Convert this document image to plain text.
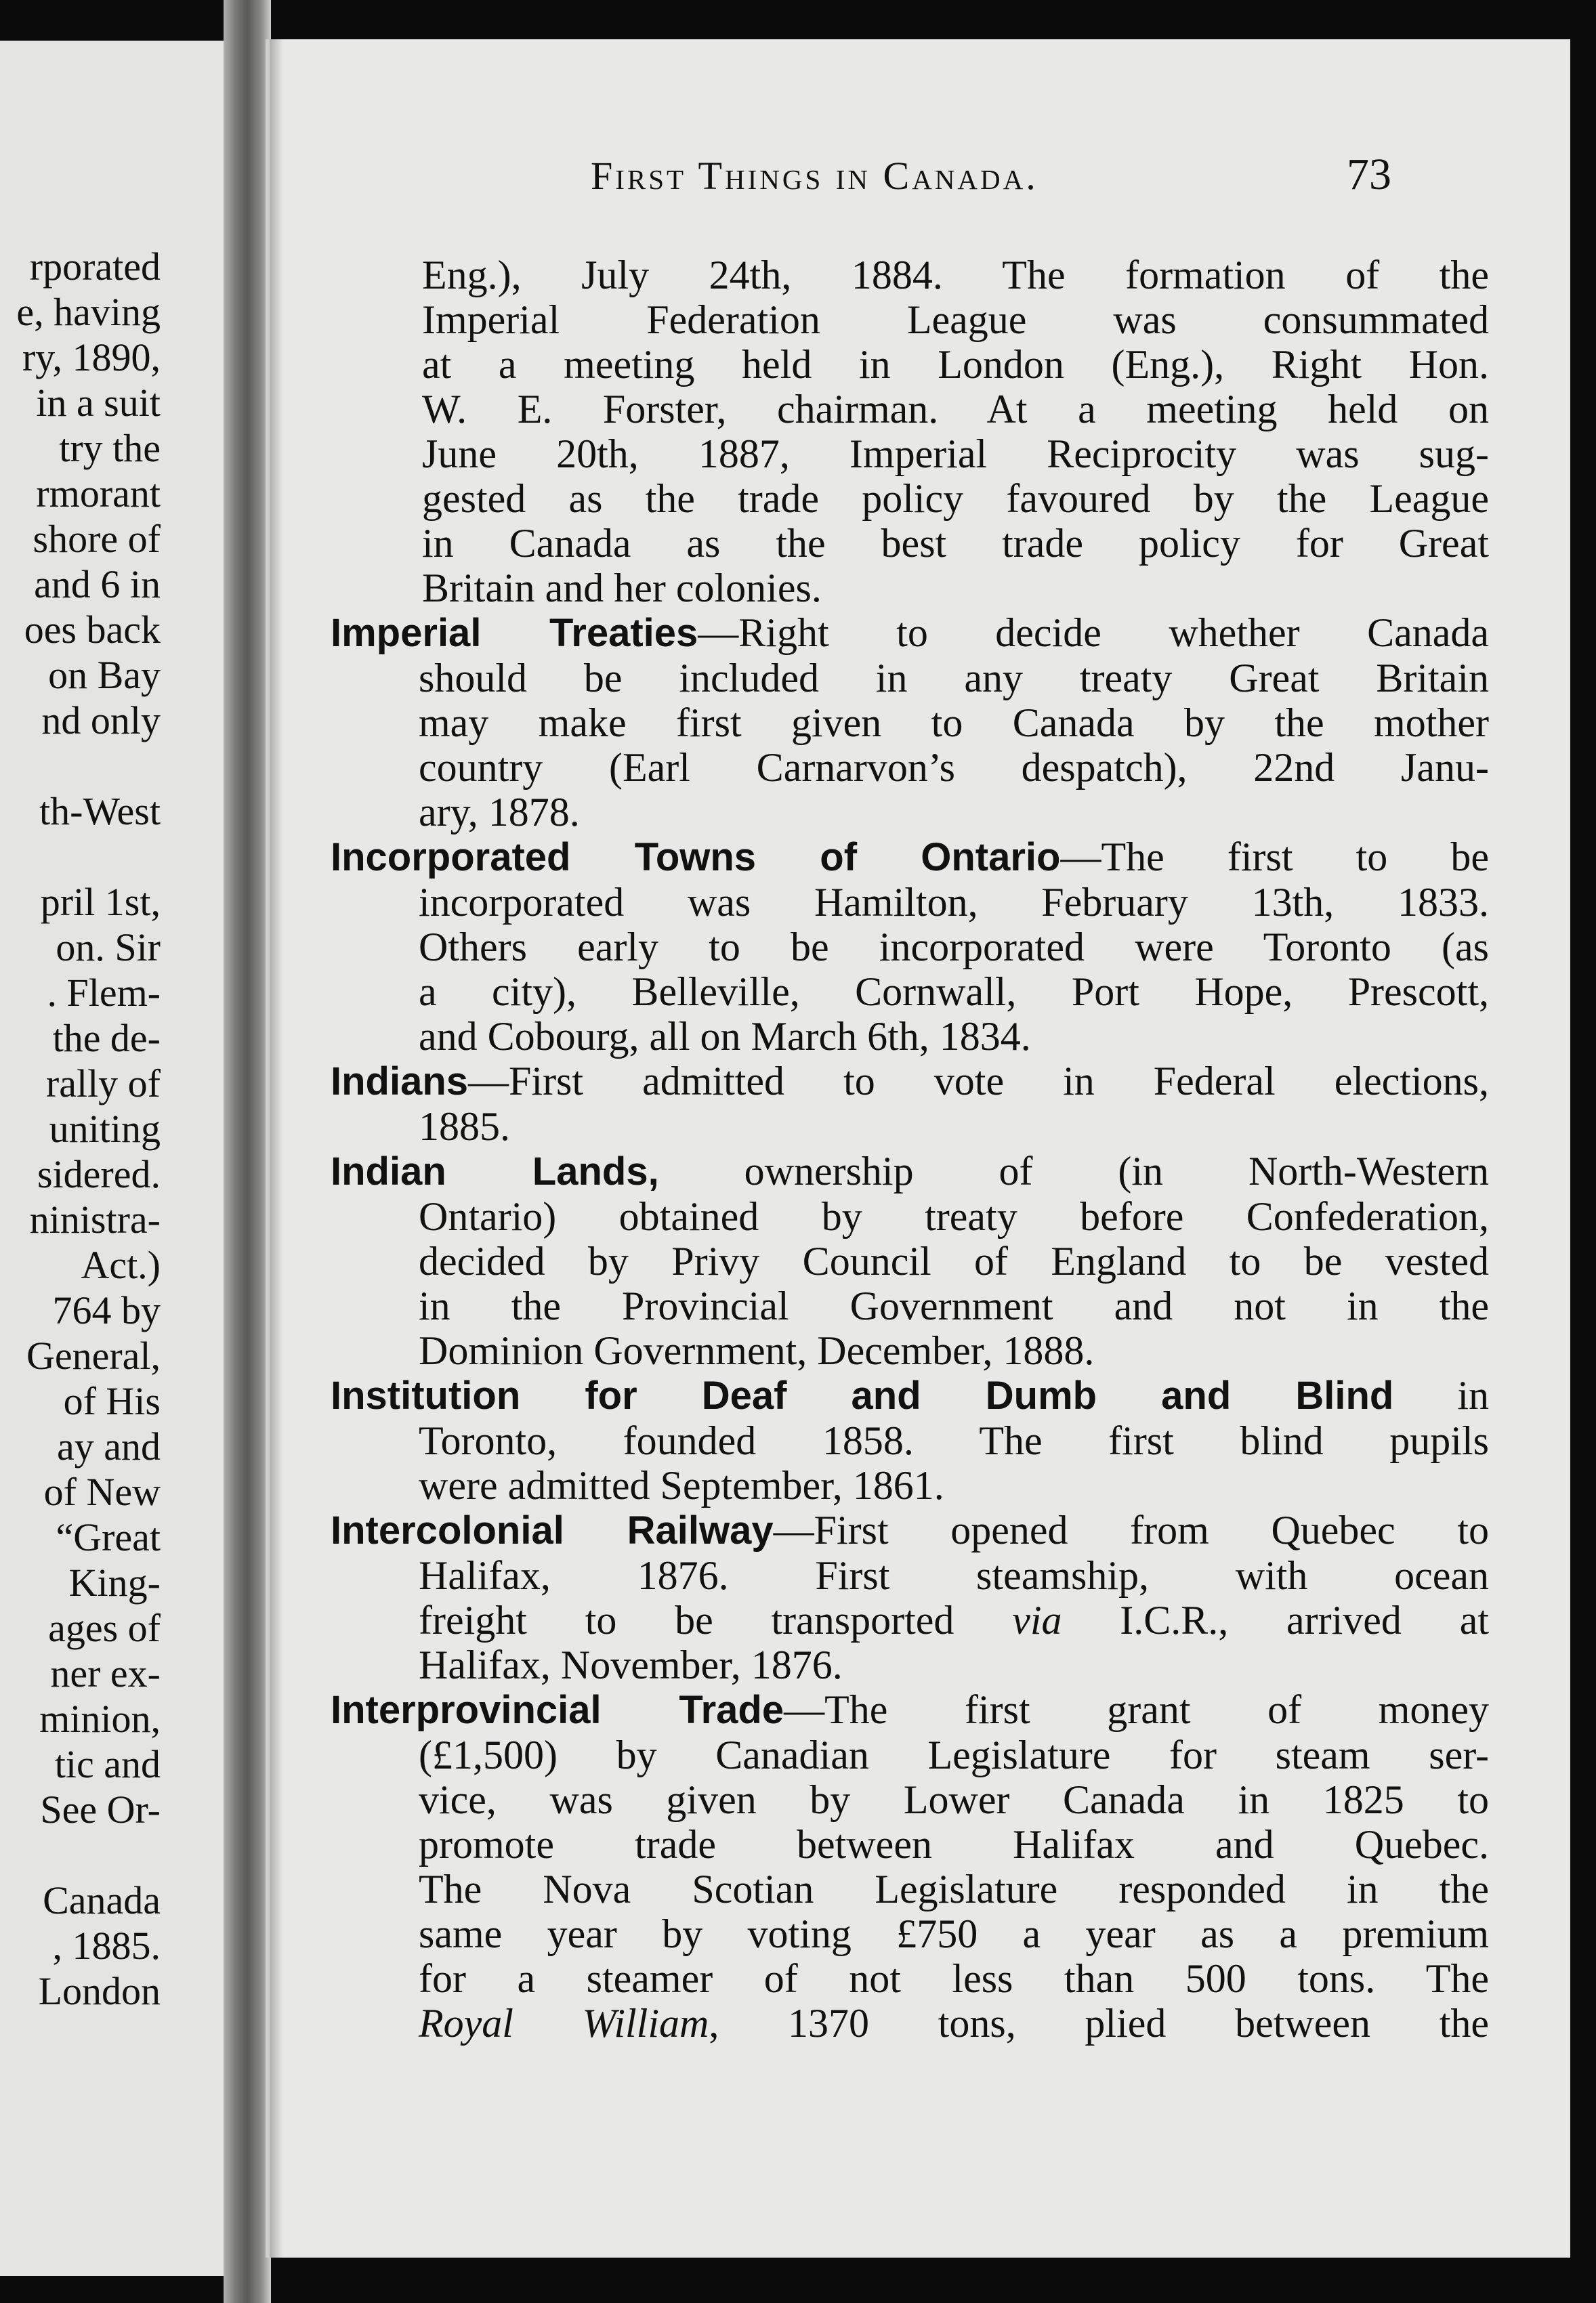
rporated
e, having
ry, 1890,
in a suit
try the
rmorant
shore of
and 6 in
oes back
on Bay
nd only
th-West
pril 1st,
on. Sir
. Flem-
the de-
rally of
uniting
sidered.
ninistra-
Act.)
764 by
General,
of His
ay and
of New
“Great
King-
ages of
ner ex-
minion,
tic and
See Or-
Canada
, 1885.
London
First Things in Canada.	73
Eng.), July 24th, 1884. The formation of the
Imperial Federation League was consummated
at a meeting held in London (Eng.), Right Hon.
W. E. Forster, chairman. At a meeting held on
June 20th, 1887, Imperial Reciprocity was sug-
gested as the trade policy favoured by the League
in Canada as the best trade policy for Great
Britain and her colonies.
Imperial Treaties—Right to decide whether Canada
should be included in any treaty Great Britain
may make first given to Canada by the mother
country (Earl Carnarvon’s despatch), 22nd Janu-
ary, 1878.
Incorporated Towns of Ontario—The first to be
incorporated was Hamilton, February 13th, 1833.
Others early to be incorporated were Toronto (as
a city), Belleville, Cornwall, Port Hope, Prescott,
and Cobourg, all on March 6th, 1834.
Indians—First admitted to vote in Federal elections,
1885.
Indian Lands, ownership of (in North-Western
Ontario) obtained by treaty before Confederation,
decided by Privy Council of England to be vested
in the Provincial Government and not in the
Dominion Government, December, 1888.
Institution for Deaf and Dumb and Blind in
Toronto, founded 1858. The first blind pupils
were admitted September, 1861.
Intercolonial Railway—First opened from Quebec to
Halifax, 1876. First steamship, with ocean
freight to be transported via I.C.R., arrived at
Halifax, November, 1876.
Interprovincial Trade—The first grant of money
(£1,500) by Canadian Legislature for steam ser-
vice, was given by Lower Canada in 1825 to
promote trade between Halifax and Quebec.
The Nova Scotian Legislature responded in the
same year by voting £750 a year as a premium
for a steamer of not less than 500 tons. The
Royal William, 1370 tons, plied between the
